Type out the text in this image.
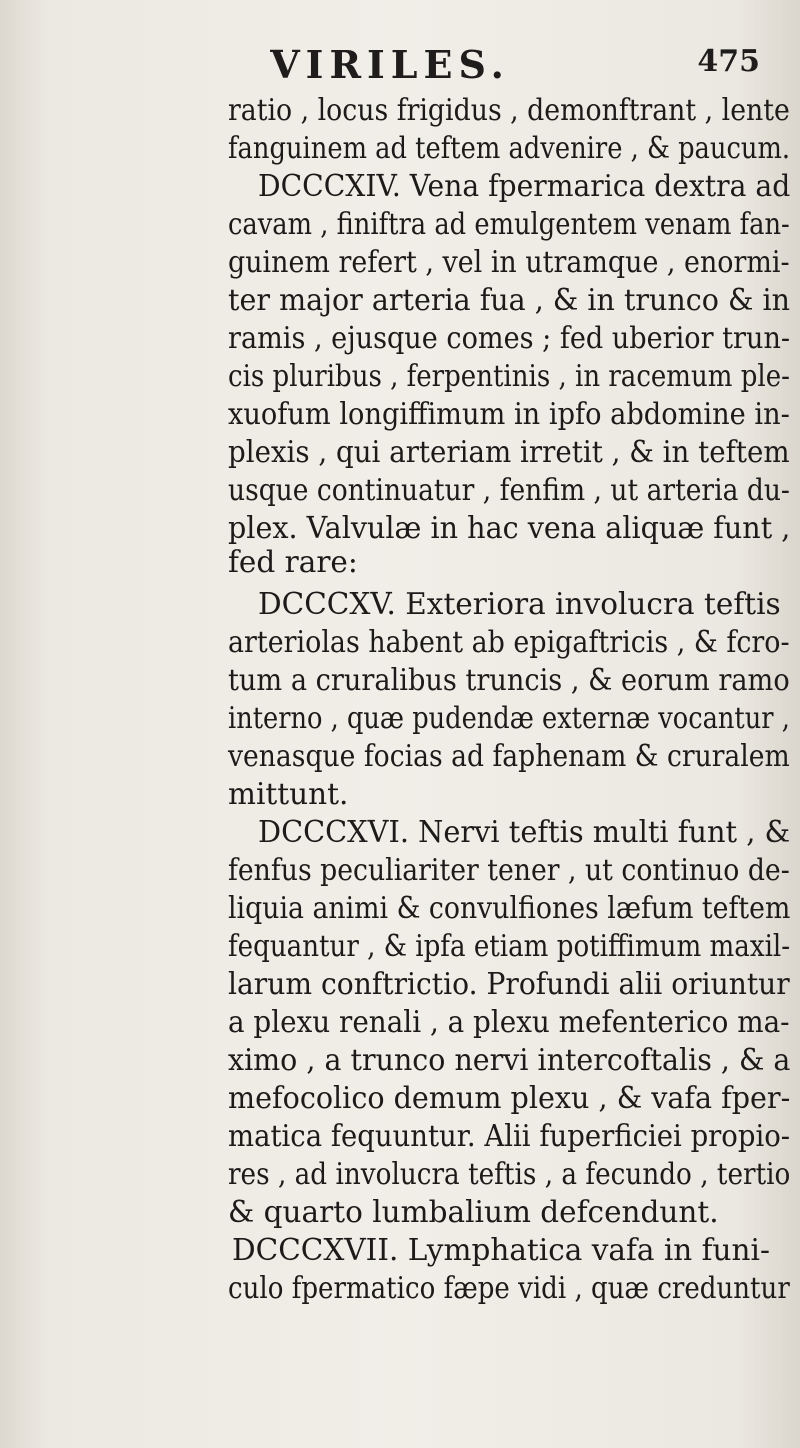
VIRILES.	475
ratio , locus frigidus , demonftrant , lente
fanguinem ad teftem advenire , & paucum.
DCCCXIV. Vena fpermarica dextra ad
cavam , finiftra ad emulgentem venam fan-
guinem refert , vel in utramque , enormi-
ter major arteria fua , & in trunco & in
ramis , ejusque comes ; fed uberior trun-
cis pluribus , ferpentinis , in racemum ple-
xuofum longiffimum in ipfo abdomine in-
plexis , qui arteriam irretit , & in teftem
usque continuatur , fenfim , ut arteria du-
plex. Valvulæ in hac vena aliquæ funt ,
fed rare:
DCCCXV. Exteriora involucra teftis
arteriolas habent ab epigaftricis , & fcro-
tum a cruralibus truncis , & eorum ramo
interno , quæ pudendæ externæ vocantur ,
venasque focias ad faphenam & cruralem
mittunt.
DCCCXVI. Nervi teftis multi funt , &
fenfus peculiariter tener , ut continuo de-
liquia animi & convulfiones læfum teftem
fequantur , & ipfa etiam potiffimum maxil-
larum conftrictio. Profundi alii oriuntur
a plexu renali , a plexu mefenterico ma-
ximo , a trunco nervi intercoftalis , & a
mefocolico demum plexu , & vafa fper-
matica fequuntur. Alii fuperficiei propio-
res , ad involucra teftis , a fecundo , tertio
& quarto lumbalium defcendunt.
DCCCXVII. Lymphatica vafa in funi-
culo fpermatico fæpe vidi , quæ creduntur
